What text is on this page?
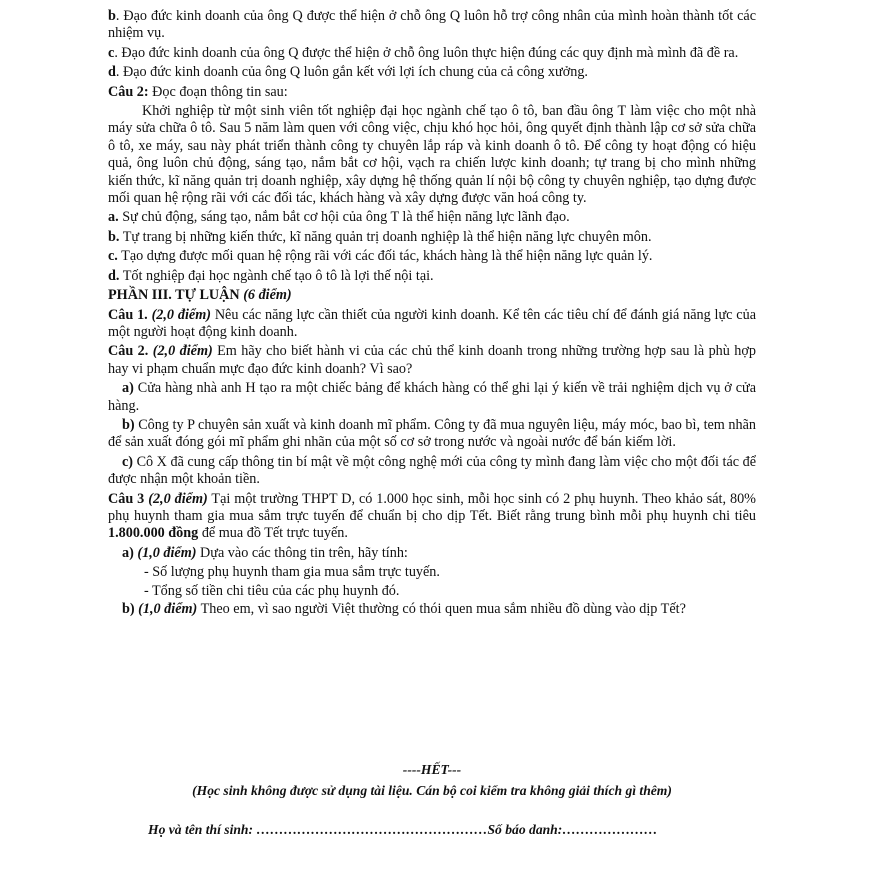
b. Đạo đức kinh doanh của ông Q được thể hiện ở chỗ ông Q luôn hỗ trợ công nhân của mình hoàn thành tốt các nhiệm vụ.

c. Đạo đức kinh doanh của ông Q được thể hiện ở chỗ ông luôn thực hiện đúng các quy định mà mình đã đề ra.

d. Đạo đức kinh doanh của ông Q luôn gắn kết với lợi ích chung của cả công xưởng.

Câu 2: Đọc đoạn thông tin sau:

Khởi nghiệp từ một sinh viên tốt nghiệp đại học ngành chế tạo ô tô, ban đầu ông T làm việc cho một nhà máy sửa chữa ô tô. Sau 5 năm làm quen với công việc, chịu khó học hỏi, ông quyết định thành lập cơ sở sửa chữa ô tô, xe máy, sau này phát triển thành công ty chuyên lắp ráp và kinh doanh ô tô. Để công ty hoạt động có hiệu quả, ông luôn chủ động, sáng tạo, nắm bắt cơ hội, vạch ra chiến lược kinh doanh; tự trang bị cho mình những kiến thức, kĩ năng quản trị doanh nghiệp, xây dựng hệ thống quản lí nội bộ công ty chuyên nghiệp, tạo dựng được mối quan hệ rộng rãi với các đối tác, khách hàng và xây dựng được văn hoá công ty.

a. Sự chủ động, sáng tạo, nắm bắt cơ hội của ông T là thể hiện năng lực lãnh đạo.

b. Tự trang bị những kiến thức, kĩ năng quản trị doanh nghiệp là thể hiện năng lực chuyên môn.

c. Tạo dựng được mối quan hệ rộng rãi với các đối tác, khách hàng là thể hiện năng lực quản lý.

d. Tốt nghiệp đại học ngành chế tạo ô tô là lợi thế nội tại.

PHẦN III. TỰ LUẬN (6 điểm)

Câu 1. (2,0 điểm) Nêu các năng lực cần thiết của người kinh doanh. Kể tên các tiêu chí để đánh giá năng lực của một người hoạt động kinh doanh.

Câu 2. (2,0 điểm) Em hãy cho biết hành vi của các chủ thể kinh doanh trong những trường hợp sau là phù hợp hay vi phạm chuẩn mực đạo đức kinh doanh? Vì sao?

a) Cửa hàng nhà anh H tạo ra một chiếc bảng để khách hàng có thể ghi lại ý kiến về trải nghiệm dịch vụ ở cửa hàng.

b) Công ty P chuyên sản xuất và kinh doanh mĩ phẩm. Công ty đã mua nguyên liệu, máy móc, bao bì, tem nhãn để sản xuất đóng gói mĩ phẩm ghi nhãn của một số cơ sở trong nước và ngoài nước để bán kiếm lời.

c) Cô X đã cung cấp thông tin bí mật về một công nghệ mới của công ty mình đang làm việc cho một đối tác để được nhận một khoản tiền.

Câu 3 (2,0 điểm) Tại một trường THPT D, có 1.000 học sinh, mỗi học sinh có 2 phụ huynh. Theo khảo sát, 80% phụ huynh tham gia mua sắm trực tuyến để chuẩn bị cho dịp Tết. Biết rằng trung bình mỗi phụ huynh chi tiêu 1.800.000 đồng để mua đồ Tết trực tuyến.

a) (1,0 điểm) Dựa vào các thông tin trên, hãy tính:

- Số lượng phụ huynh tham gia mua sắm trực tuyến.

- Tổng số tiền chi tiêu của các phụ huynh đó.

b) (1,0 điểm) Theo em, vì sao người Việt thường có thói quen mua sắm nhiều đồ dùng vào dịp Tết?

----HẾT---
(Học sinh không được sử dụng tài liệu. Cán bộ coi kiểm tra không giải thích gì thêm)
Họ và tên thí sinh: ……………………………………………Số báo danh:…………………
